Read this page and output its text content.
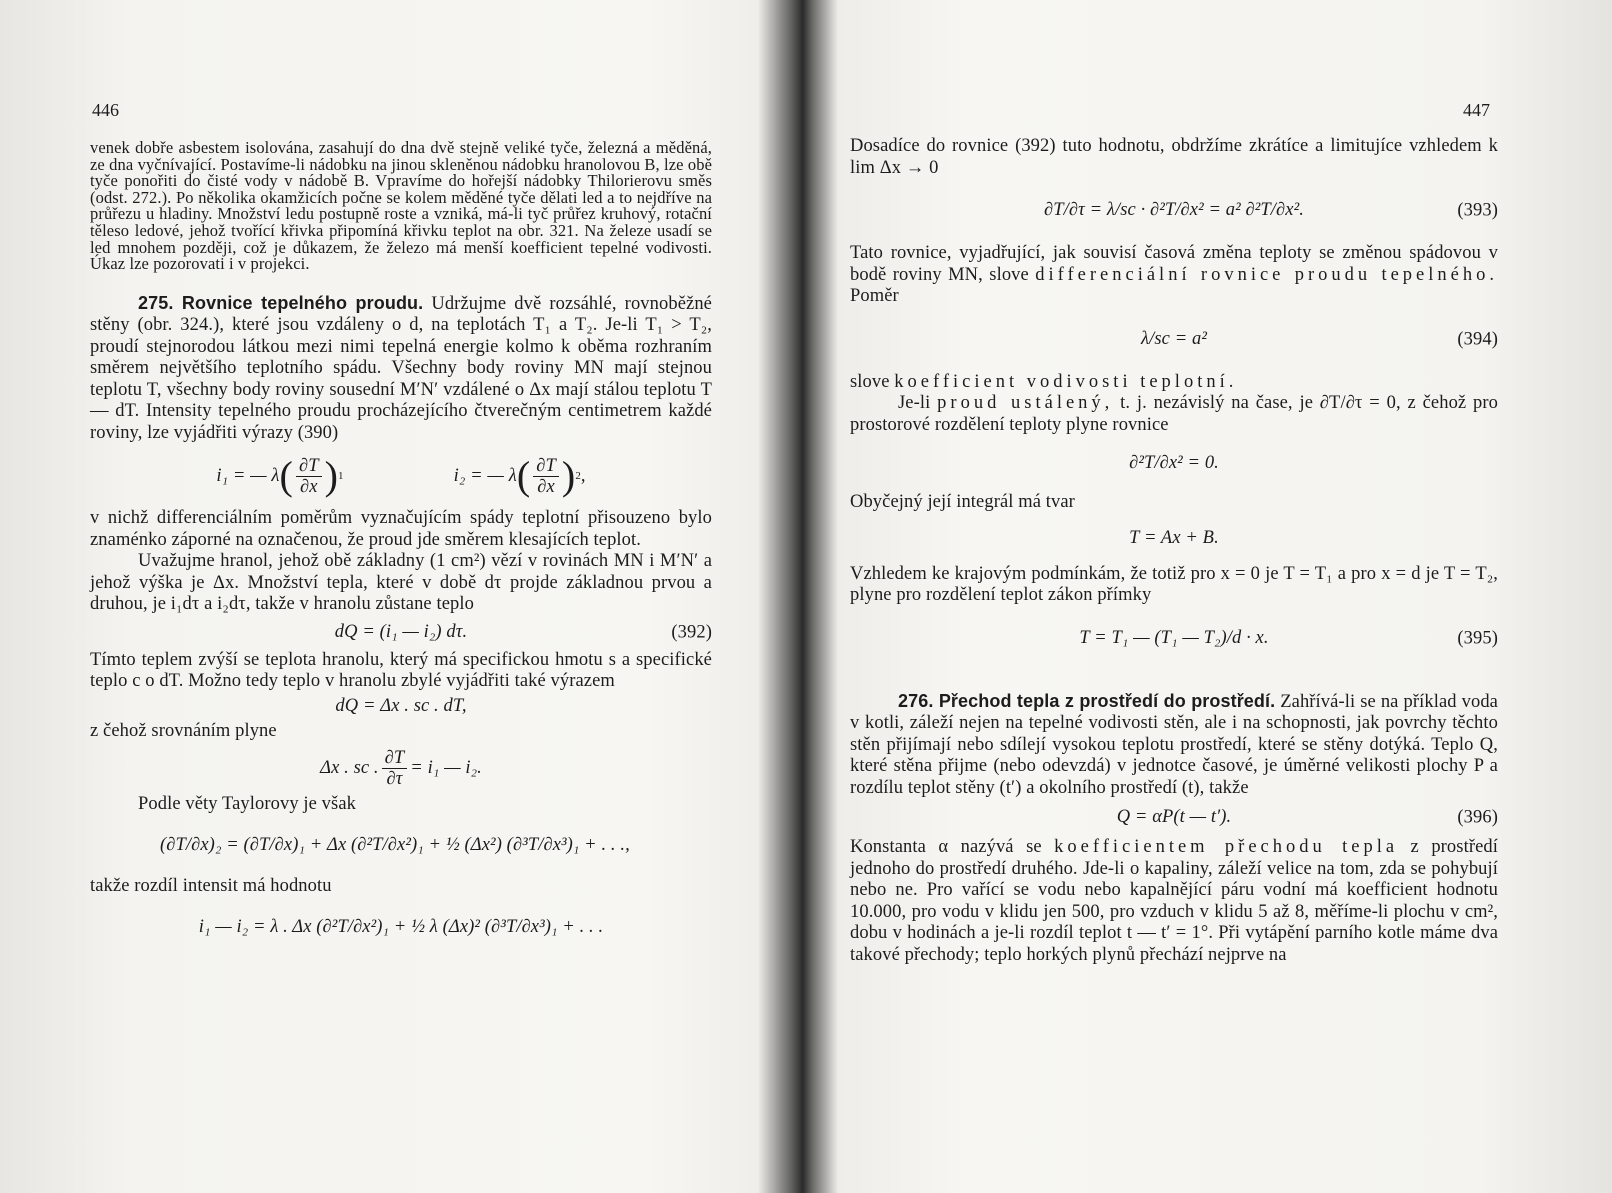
446

venek dobře asbestem isolována, zasahují do dna dvě stejně veliké tyče, železná a měděná, ze dna vyčnívající. Postavíme-li nádobku na jinou skleněnou nádobku hranolovou B, lze obě tyče ponořiti do čisté vody v nádobě B. Vpravíme do hořejší nádobky Thilorierovu směs (odst. 272.). Po několika okamžicích počne se kolem měděné tyče dělati led a to nejdříve na průřezu u hladiny. Množství ledu postupně roste a vzniká, má-li tyč průřez kruhový, rotační těleso ledové, jehož tvořící křivka připomíná křivku teplot na obr. 321. Na železe usadí se led mnohem později, což je důkazem, že železo má menší koefficient tepelné vodivosti. Úkaz lze pozorovati i v projekci.

275. Rovnice tepelného proudu. Udržujme dvě rozsáhlé, rovnoběžné stěny (obr. 324.), které jsou vzdáleny o d, na teplotách T₁ a T₂. Je-li T₁ > T₂, proudí stejnorodou látkou mezi nimi tepelná energie kolmo k oběma rozhraním směrem největšího teplotního spádu. Všechny body roviny MN mají stejnou teplotu T, všechny body roviny sousední M′N′ vzdálené o Δx mají stálou teplotu T — dT. Intensity tepelného proudu procházejícího čtverečným centimetrem každé roviny, lze vyjádřiti výrazy (390)

i₁ = — λ ( $\frac{\partial T}{\partial x}$ ) 1	i₂ = — λ ( $\frac{\partial T}{\partial x}$ ) 2 ,

v nichž differenciálním poměrům vyznačujícím spády teplotní přisouzeno bylo znaménko záporné na označenou, že proud jde směrem klesajících teplot.

Uvažujme hranol, jehož obě základny (1 cm²) vězí v rovinách MN i M′N′ a jehož výška je Δx. Množství tepla, které v době dτ projde základnou prvou a druhou, je i₁dτ a i₂dτ, takže v hranolu zůstane teplo

dQ = (i₁ — i₂) dτ.	(392)

Tímto teplem zvýší se teplota hranolu, který má specifickou hmotu s a specifické teplo c o dT. Možno tedy teplo v hranolu zbylé vyjádřiti také výrazem

dQ = Δx . sc . dT,

z čehož srovnáním plyne

Δx . sc . $\frac{\partial T}{\partial\tau} = i_1$ — i₂.

Podle věty Taylorovy je však

(∂T/∂x)₂ = (∂T/∂x)₁ + Δx (∂²T/∂x²)₁ + ½ (Δx²) (∂³T/∂x³)₁ + . . .,

takže rozdíl intensit má hodnotu

i₁ — i₂ = λ . Δx (∂²T/∂x²)₁ + ½ λ (Δx)² (∂³T/∂x³)₁ + . . .
447

Dosadíce do rovnice (392) tuto hodnotu, obdržíme zkrátíce a limitujíce vzhledem k lim Δx → 0

∂T/∂τ = λ/sc · ∂²T/∂x² = a² ∂²T/∂x².	(393)

Tato rovnice, vyjadřující, jak souvisí časová změna teploty se změnou spádovou v bodě roviny MN, slove differenciální rovnice proudu tepelného. Poměr

λ/sc = a²	(394)

slove koefficient vodivosti teplotní.

Je-li proud ustálený, t. j. nezávislý na čase, je ∂T/∂τ = 0, z čehož pro prostorové rozdělení teploty plyne rovnice

∂²T/∂x² = 0.

Obyčejný její integrál má tvar

T = Ax + B.

Vzhledem ke krajovým podmínkám, že totiž pro x = 0 je T = T₁ a pro x = d je T = T₂, plyne pro rozdělení teplot zákon přímky

T = T₁ — (T₁ — T₂)/d · x.	(395)

276. Přechod tepla z prostředí do prostředí. Zahřívá-li se na příklad voda v kotli, záleží nejen na tepelné vodivosti stěn, ale i na schopnosti, jak povrchy těchto stěn přijímají nebo sdílejí vysokou teplotu prostředí, které se stěny dotýká. Teplo Q, které stěna přijme (nebo odevzdá) v jednotce časové, je úměrné velikosti plochy P a rozdílu teplot stěny (t′) a okolního prostředí (t), takže

Q = αP(t — t′).	(396)

Konstanta α nazývá se koefficientem přechodu tepla z prostředí jednoho do prostředí druhého. Jde-li o kapaliny, záleží velice na tom, zda se pohybují nebo ne. Pro vařící se vodu nebo kapalnějící páru vodní má koefficient hodnotu 10.000, pro vodu v klidu jen 500, pro vzduch v klidu 5 až 8, měříme-li plochu v cm², dobu v hodinách a je-li rozdíl teplot t — t′ = 1°. Při vytápění parního kotle máme dva takové přechody; teplo horkých plynů přechází nejprve na
